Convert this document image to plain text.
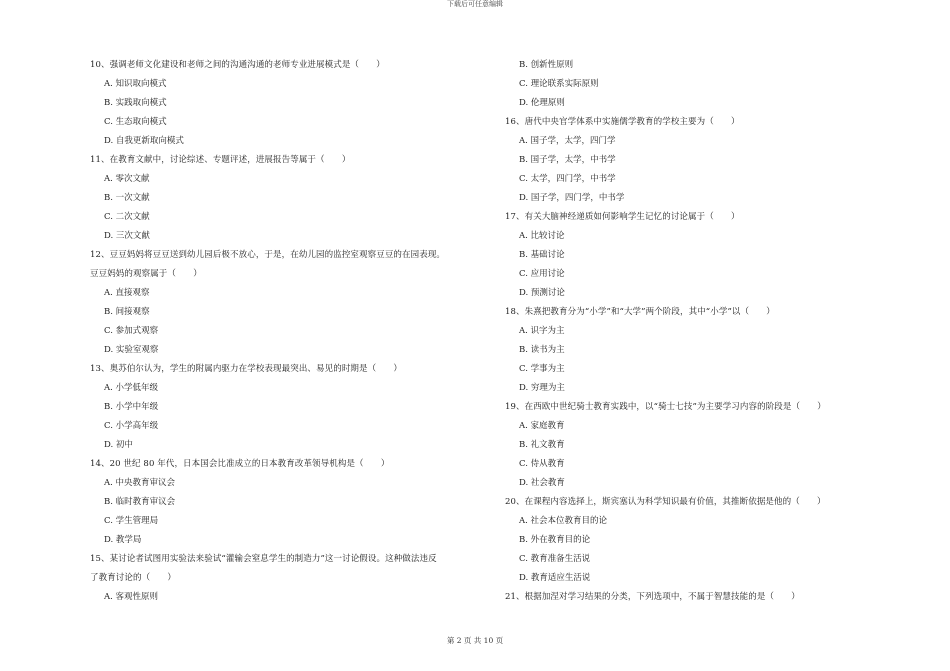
下载后可任意编辑
10、强调老师文化建设和老师之间的沟通沟通的老师专业进展模式是（　　）
A. 知识取向模式
B. 实践取向模式
C. 生态取向模式
D. 自我更新取向模式
11、在教育文献中，讨论综述、专题评述，进展报告等属于（　　）
A. 零次文献
B. 一次文献
C. 二次文献
D. 三次文献
12、豆豆妈妈将豆豆送到幼儿园后极不放心，于是，在幼儿园的监控室观察豆豆的在园表现。
豆豆妈妈的观察属于（　　）
A. 直接观察
B. 间接观察
C. 参加式观察
D. 实验室观察
13、奥苏伯尔认为，学生的附属内驱力在学校表现最突出、易见的时期是（　　）
A. 小学低年级
B. 小学中年级
C. 小学高年级
D. 初中
14、20 世纪 80 年代，日本国会比准成立的日本教育改革领导机构是（　　）
A. 中央教育审议会
B. 临时教育审议会
C. 学生管理局
D. 教学局
15、某讨论者试图用实验法来验试“灌输会窒息学生的制造力”这一讨论假设。这种做法违反
了教育讨论的（　　）
A. 客观性原则
B. 创新性原则
C. 理论联系实际原则
D. 伦理原则
16、唐代中央官学体系中实施儒学教育的学校主要为（　　）
A. 国子学，太学，四门学
B. 国子学，太学，中书学
C. 太学，四门学，中书学
D. 国子学，四门学，中书学
17、有关大脑神经递质如何影响学生记忆的讨论属于（　　）
A. 比较讨论
B. 基础讨论
C. 应用讨论
D. 预测讨论
18、朱熹把教育分为“小学”和“大学”两个阶段，其中“小学”以（　　）
A. 识字为主
B. 读书为主
C. 学事为主
D. 穷理为主
19、在西欧中世纪骑士教育实践中，以“骑士七技”为主要学习内容的阶段是（　　）
A. 家庭教育
B. 礼文教育
C. 侍从教育
D. 社会教育
20、在课程内容选择上，斯宾塞认为科学知识最有价值，其推断依据是他的（　　）
A. 社会本位教育目的论
B. 外在教育目的论
C. 教育准备生活说
D. 教育适应生活说
21、根据加涅对学习结果的分类，下列选项中，不属于智慧技能的是（　　）
第 2 页 共 10 页
